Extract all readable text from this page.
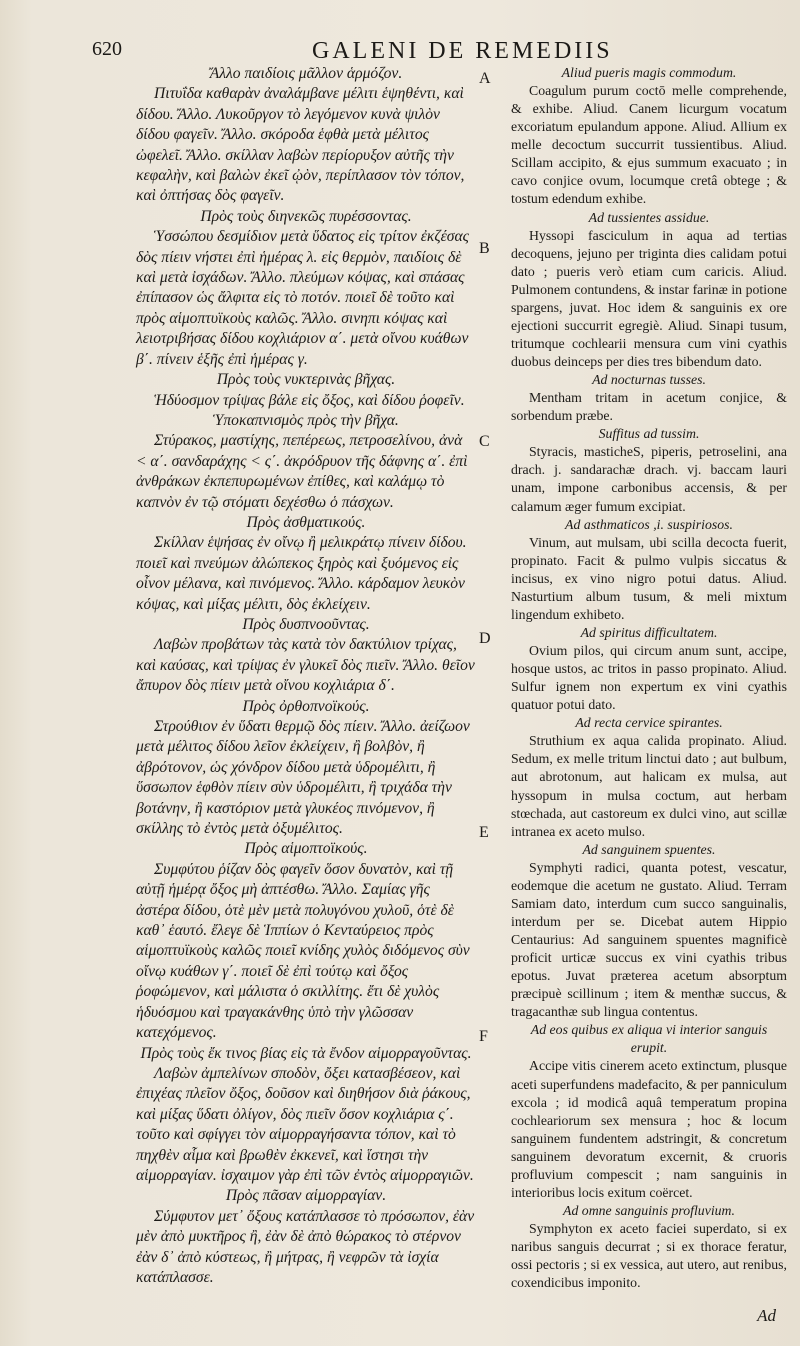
620	GALENI DE REMEDIIS

Ἄλλο παιδίοις μᾶλλον ἁρμόζον.

Πιτυΐδα καθαρὰν ἀναλάμβανε μέλιτι ἑψηθέντι, καὶ δίδου. Ἄλλο. Λυκοῦργον τὸ λεγόμενον κυνὰ ψιλὸν δίδου φαγεῖν. Ἄλλο. σκόροδα ἑφθὰ μετὰ μέλιτος ὠφελεῖ. Ἄλλο. σκίλλαν λαβὼν περίορυξον αὐτῆς τὴν κεφαλὴν, καὶ βαλὼν ἐκεῖ ᾠὸν, περίπλασον τὸν τόπον, καὶ ὀπτήσας δὸς φαγεῖν.

Πρὸς τοὺς διηνεκῶς πυρέσσοντας.

Ὑσσώπου δεσμίδιον μετὰ ὕδατος εἰς τρίτον ἐκζέσας δὸς πίειν νήστει ἐπὶ ἡμέρας λ. εἰς θερμὸν, παιδίοις δὲ καὶ μετὰ ἰσχάδων. Ἄλλο. πλεύμων κόψας, καὶ σπάσας ἐπίπασον ὡς ἄλφιτα εἰς τὸ ποτόν. ποιεῖ δὲ τοῦτο καὶ πρὸς αἱμοπτυϊκοὺς καλῶς. Ἄλλο. σινηπι κόψας καὶ λειοτριβήσας δίδου κοχλιάριον α΄. μετὰ οἴνου κυάθων β΄. πίνειν ἑξῆς ἐπὶ ἡμέρας γ.

Πρὸς τοὺς νυκτερινὰς βῆχας.

Ἡδύοσμον τρίψας βάλε εἰς ὄξος, καὶ δίδου ῥοφεῖν.

Ὑποκαπνισμὸς πρὸς τὴν βῆχα.

Στύρακος, μαστίχης, πεπέρεως, πετροσελίνου, ἀνὰ < α΄. σανδαράχης < ς΄. ἀκρόδρυον τῆς δάφνης α΄. ἐπὶ ἀνθράκων ἐκπεπυρωμένων ἐπίθες, καὶ καλάμῳ τὸ καπνὸν ἐν τῷ στόματι δεχέσθω ὁ πάσχων.

Πρὸς ἀσθματικούς.

Σκίλλαν ἑψήσας ἐν οἴνῳ ἢ μελικράτῳ πίνειν δίδου. ποιεῖ καὶ πνεύμων ἀλώπεκος ξηρὸς καὶ ξυόμενος εἰς οἶνον μέλανα, καὶ πινόμενος. Ἄλλο. κάρδαμον λευκὸν κόψας, καὶ μίξας μέλιτι, δὸς ἐκλείχειν.

Πρὸς δυσπνοοῦντας.

Λαβὼν προβάτων τὰς κατὰ τὸν δακτύλιον τρίχας, καὶ καύσας, καὶ τρίψας ἐν γλυκεῖ δὸς πιεῖν. Ἄλλο. θεῖον ἄπυρον δὸς πίειν μετὰ οἴνου κοχλιάρια δ΄.

Πρὸς ὀρθοπνοϊκούς.

Στρούθιον ἐν ὕδατι θερμῷ δὸς πίειν. Ἄλλο. ἀείζωον μετὰ μέλιτος δίδου λεῖον ἐκλείχειν, ἢ βολβὸν, ἢ ἀβρότονον, ὡς χόνδρον δίδου μετὰ ὑδρομέλιτι, ἢ ὕσσωπον ἑφθὸν πίειν σὺν ὑδρομέλιτι, ἢ τριχάδα τὴν βοτάνην, ἢ καστόριον μετὰ γλυκέος πινόμενον, ἢ σκίλλης τὸ ἐντὸς μετὰ ὀξυμέλιτος.

Πρὸς αἱμοπτοϊκούς.

Συμφύτου ῥίζαν δὸς φαγεῖν ὅσον δυνατὸν, καὶ τῇ αὐτῇ ἡμέρᾳ ὄξος μὴ ἀπτέσθω. Ἄλλο. Σαμίας γῆς ἀστέρα δίδου, ὁτὲ μὲν μετὰ πολυγόνου χυλοῦ, ὁτὲ δὲ καθ᾽ ἑαυτό. ἔλεγε δὲ Ἱππίων ὁ Κενταύρειος πρὸς αἱμοπτυϊκοὺς καλῶς ποιεῖ κνίδης χυλὸς διδόμενος σὺν οἴνῳ κυάθων γ΄. ποιεῖ δὲ ἐπὶ τούτῳ καὶ ὄξος ῥοφώμενον, καὶ μάλιστα ὁ σκιλλίτης. ἔτι δὲ χυλὸς ἡδυόσμου καὶ τραγακάνθης ὑπὸ τὴν γλῶσσαν κατεχόμενος.

Πρὸς τοὺς ἔκ τινος βίας εἰς τὰ ἔνδον αἱμορραγοῦντας.

Λαβὼν ἀμπελίνων σποδὸν, ὄξει κατασβέσεον, καὶ ἐπιχέας πλεῖον ὄξος, δοῦσον καὶ διηθήσον διὰ ῥάκους, καὶ μίξας ὕδατι ὀλίγον, δὸς πιεῖν ὅσον κοχλιάρια ς΄. τοῦτο καὶ σφίγγει τὸν αἱμορραγήσαντα τόπον, καὶ τὸ πηχθὲν αἷμα καὶ βρωθὲν ἐκκενεῖ, καὶ ἵστησι τὴν αἱμορραγίαν. ἰσχαιμον γὰρ ἐπὶ τῶν ἐντὸς αἱμορραγιῶν.

Πρὸς πᾶσαν αἱμορραγίαν.

Σύμφυτον μετ᾽ ὄξους κατάπλασσε τὸ πρόσωπον, ἐὰν μὲν ἀπὸ μυκτῆρος ἢ, ἐὰν δὲ ἀπὸ θώρακος τὸ στέρνον ἐὰν δ᾽ ἀπὸ κύστεως, ἢ μήτρας, ἢ νεφρῶν τὰ ἰσχία κατάπλασσε.

Aliud pueris magis commodum.

Coagulum purum coctō melle comprehende, & exhibe. Aliud. Canem licurgum vocatum excoriatum epulandum appone. Aliud. Allium ex melle decoctum succurrit tussientibus. Aliud. Scillam accipito, & ejus summum exacuato ; in cavo conjice ovum, locumque cretâ obtege ; & tostum edendum exhibe.

Ad tussientes assidue.

Hyssopi fasciculum in aqua ad tertias decoquens, jejuno per triginta dies calidam potui dato ; pueris verò etiam cum caricis. Aliud. Pulmonem contundens, & instar farinæ in potione spargens, juvat. Hoc idem & sanguinis ex ore ejectioni succurrit egregiè. Aliud. Sinapi tusum, tritumque cochlearii mensura cum vini cyathis duobus deinceps per dies tres bibendum dato.

Ad nocturnas tusses.

Mentham tritam in acetum conjice, & sorbendum præbe.

Suffitus ad tussim.

Styracis, masticheS, piperis, petroselini, ana drach. j. sandarachæ drach. vj. baccam lauri unam, impone carbonibus accensis, & per calamum æger fumum excipiat.

Ad asthmaticos ,i. suspiriosos.

Vinum, aut mulsam, ubi scilla decocta fuerit, propinato. Facit & pulmo vulpis siccatus & incisus, ex vino nigro potui datus. Aliud. Nasturtium album tusum, & meli mixtum lingendum exhibeto.

Ad spiritus difficultatem.

Ovium pilos, qui circum anum sunt, accipe, hosque ustos, ac tritos in passo propinato. Aliud. Sulfur ignem non expertum ex vini cyathis quatuor potui dato.

Ad recta cervice spirantes.

Struthium ex aqua calida propinato. Aliud. Sedum, ex melle tritum linctui dato ; aut bulbum, aut abrotonum, aut halicam ex mulsa, aut hyssopum in mulsa coctum, aut herbam stœchada, aut castoreum ex dulci vino, aut scillæ intranea ex aceto mulso.

Ad sanguinem spuentes.

Symphyti radici, quanta potest, vescatur, eodemque die acetum ne gustato. Aliud. Terram Samiam dato, interdum cum succo sanguinalis, interdum per se. Dicebat autem Hippio Centaurius: Ad sanguinem spuentes magnificè proficit urticæ succus ex vini cyathis tribus epotus. Juvat præterea acetum absorptum præcipuè scillinum ; item & menthæ succus, & tragacanthæ sub lingua contentus.

Ad eos quibus ex aliqua vi interior sanguis erupit.

Accipe vitis cinerem aceto extinctum, plusque aceti superfundens madefacito, & per panniculum excola ; id modicâ aquâ temperatum propina cochleariorum sex mensura ; hoc & locum sanguinem fundentem adstringit, & concretum sanguinem devoratum excernit, & cruoris profluvium compescit ; nam sanguinis in interioribus locis exitum coërcet.

Ad omne sanguinis profluvium.

Symphyton ex aceto faciei superdato, si ex naribus sanguis decurrat ; si ex thorace feratur, ossi pectoris ; si ex vessica, aut utero, aut renibus, coxendicibus imponito.

A
B
C
D
E
F
Ad
